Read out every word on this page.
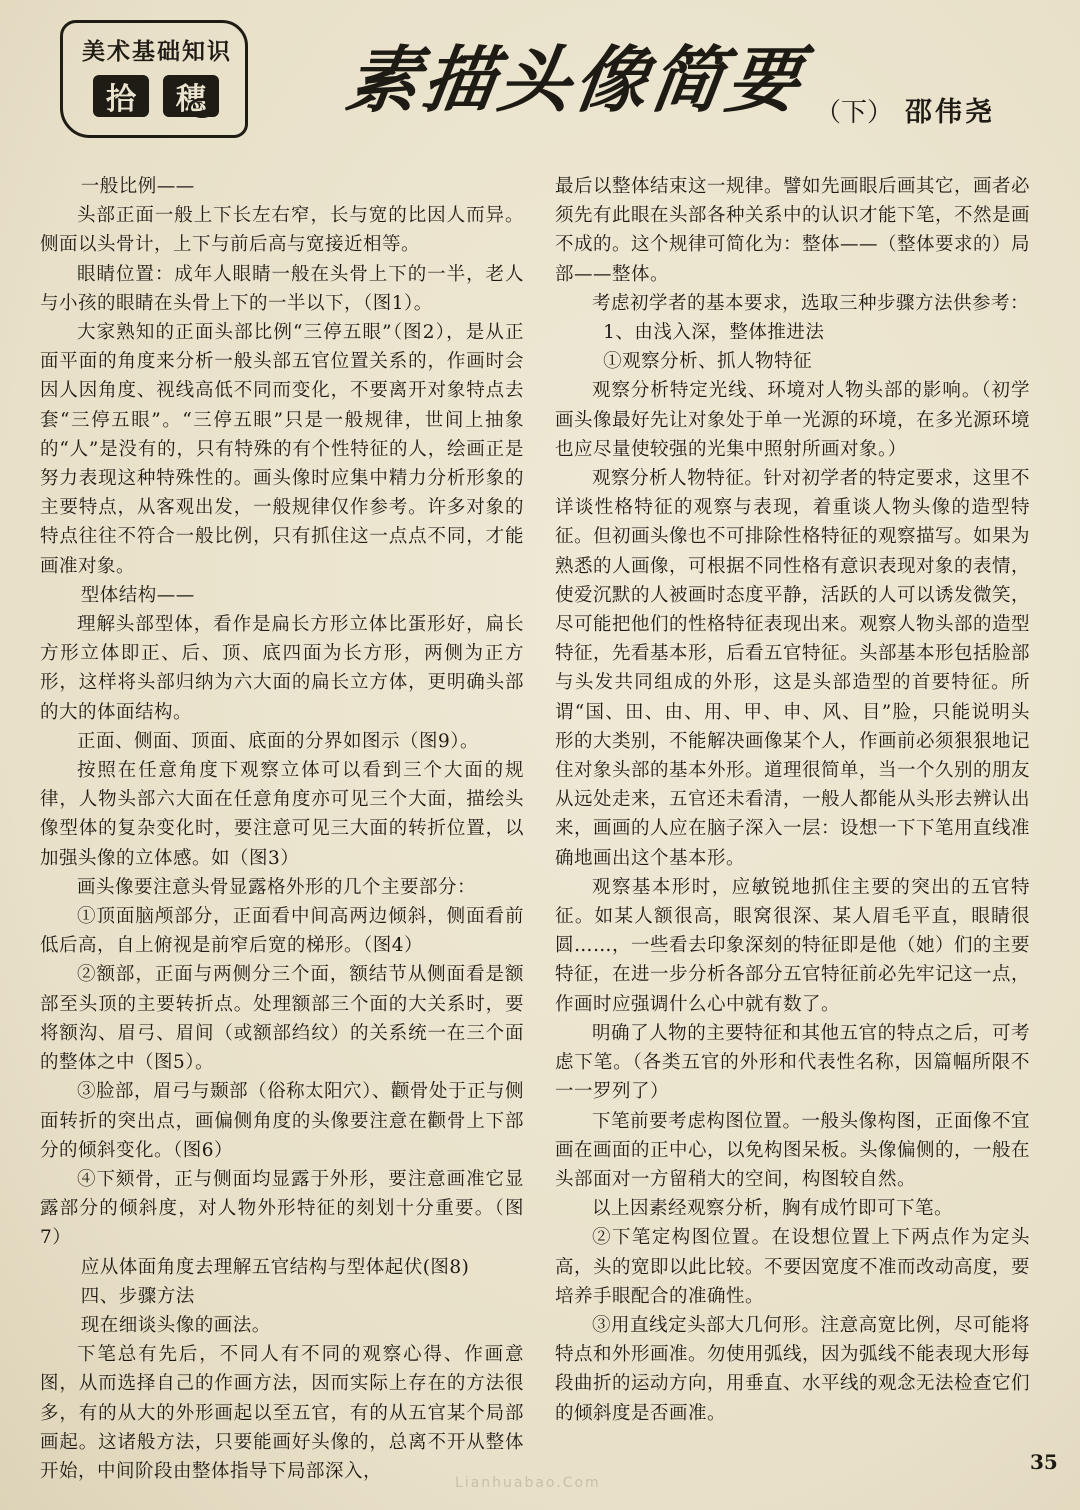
美术基础知识
拾	穗 素描头像简要 （下） 邵伟尧

一般比例——

头部正面一般上下长左右窄，长与宽的比因人而异。侧面以头骨计，上下与前后高与宽接近相等。

眼睛位置：成年人眼睛一般在头骨上下的一半，老人与小孩的眼睛在头骨上下的一半以下，（图1）。

大家熟知的正面头部比例“三停五眼”（图2），是从正面平面的角度来分析一般头部五官位置关系的，作画时会因人因角度、视线高低不同而变化，不要离开对象特点去套“三停五眼”。“三停五眼”只是一般规律，世间上抽象的“人”是没有的，只有特殊的有个性特征的人，绘画正是努力表现这种特殊性的。画头像时应集中精力分析形象的主要特点，从客观出发，一般规律仅作参考。许多对象的特点往往不符合一般比例，只有抓住这一点点不同，才能画准对象。

型体结构——

理解头部型体，看作是扁长方形立体比蛋形好，扁长方形立体即正、后、顶、底四面为长方形，两侧为正方形，这样将头部归纳为六大面的扁长立方体，更明确头部的大的体面结构。

正面、侧面、顶面、底面的分界如图示（图9）。

按照在任意角度下观察立体可以看到三个大面的规律，人物头部六大面在任意角度亦可见三个大面，描绘头像型体的复杂变化时，要注意可见三大面的转折位置，以加强头像的立体感。如（图3）

画头像要注意头骨显露格外形的几个主要部分：

①顶面脑颅部分，正面看中间高两边倾斜，侧面看前低后高，自上俯视是前窄后宽的梯形。（图4）

②额部，正面与两侧分三个面，额结节从侧面看是额部至头顶的主要转折点。处理额部三个面的大关系时，要将额沟、眉弓、眉间（或额部绉纹）的关系统一在三个面的整体之中（图5）。

③脸部，眉弓与颞部（俗称太阳穴）、颧骨处于正与侧面转折的突出点，画偏侧角度的头像要注意在颧骨上下部分的倾斜变化。（图6）

④下颏骨，正与侧面均显露于外形，要注意画准它显露部分的倾斜度，对人物外形特征的刻划十分重要。（图7）

应从体面角度去理解五官结构与型体起伏(图8)

四、步骤方法

现在细谈头像的画法。

下笔总有先后，不同人有不同的观察心得、作画意图，从而选择自己的作画方法，因而实际上存在的方法很多，有的从大的外形画起以至五官，有的从五官某个局部画起。这诸般方法，只要能画好头像的，总离不开从整体开始，中间阶段由整体指导下局部深入，

最后以整体结束这一规律。譬如先画眼后画其它，画者必须先有此眼在头部各种关系中的认识才能下笔，不然是画不成的。这个规律可简化为：整体——（整体要求的）局部——整体。

考虑初学者的基本要求，选取三种步骤方法供参考：

1、由浅入深，整体推进法

①观察分析、抓人物特征

观察分析特定光线、环境对人物头部的影响。（初学画头像最好先让对象处于单一光源的环境，在多光源环境也应尽量使较强的光集中照射所画对象。）

观察分析人物特征。针对初学者的特定要求，这里不详谈性格特征的观察与表现，着重谈人物头像的造型特征。但初画头像也不可排除性格特征的观察描写。如果为熟悉的人画像，可根据不同性格有意识表现对象的表情，使爱沉默的人被画时态度平静，活跃的人可以诱发微笑，尽可能把他们的性格特征表现出来。观察人物头部的造型特征，先看基本形，后看五官特征。头部基本形包括脸部与头发共同组成的外形，这是头部造型的首要特征。所谓“国、田、由、用、甲、申、风、目”脸，只能说明头形的大类别，不能解决画像某个人，作画前必须狠狠地记住对象头部的基本外形。道理很简单，当一个久别的朋友从远处走来，五官还未看清，一般人都能从头形去辨认出来，画画的人应在脑子深入一层：设想一下下笔用直线准确地画出这个基本形。

观察基本形时，应敏锐地抓住主要的突出的五官特征。如某人额很高，眼窝很深、某人眉毛平直，眼睛很圆……，一些看去印象深刻的特征即是他（她）们的主要特征，在进一步分析各部分五官特征前必先牢记这一点，作画时应强调什么心中就有数了。

明确了人物的主要特征和其他五官的特点之后，可考虑下笔。（各类五官的外形和代表性名称，因篇幅所限不一一罗列了）

下笔前要考虑构图位置。一般头像构图，正面像不宜画在画面的正中心，以免构图呆板。头像偏侧的，一般在头部面对一方留稍大的空间，构图较自然。

以上因素经观察分析，胸有成竹即可下笔。

②下笔定构图位置。在设想位置上下两点作为定头高，头的宽即以此比较。不要因宽度不准而改动高度，要培养手眼配合的准确性。

③用直线定头部大几何形。注意高宽比例，尽可能将特点和外形画准。勿使用弧线，因为弧线不能表现大形每段曲折的运动方向，用垂直、水平线的观念无法检查它们的倾斜度是否画准。

35
Lianhuabao.Com
